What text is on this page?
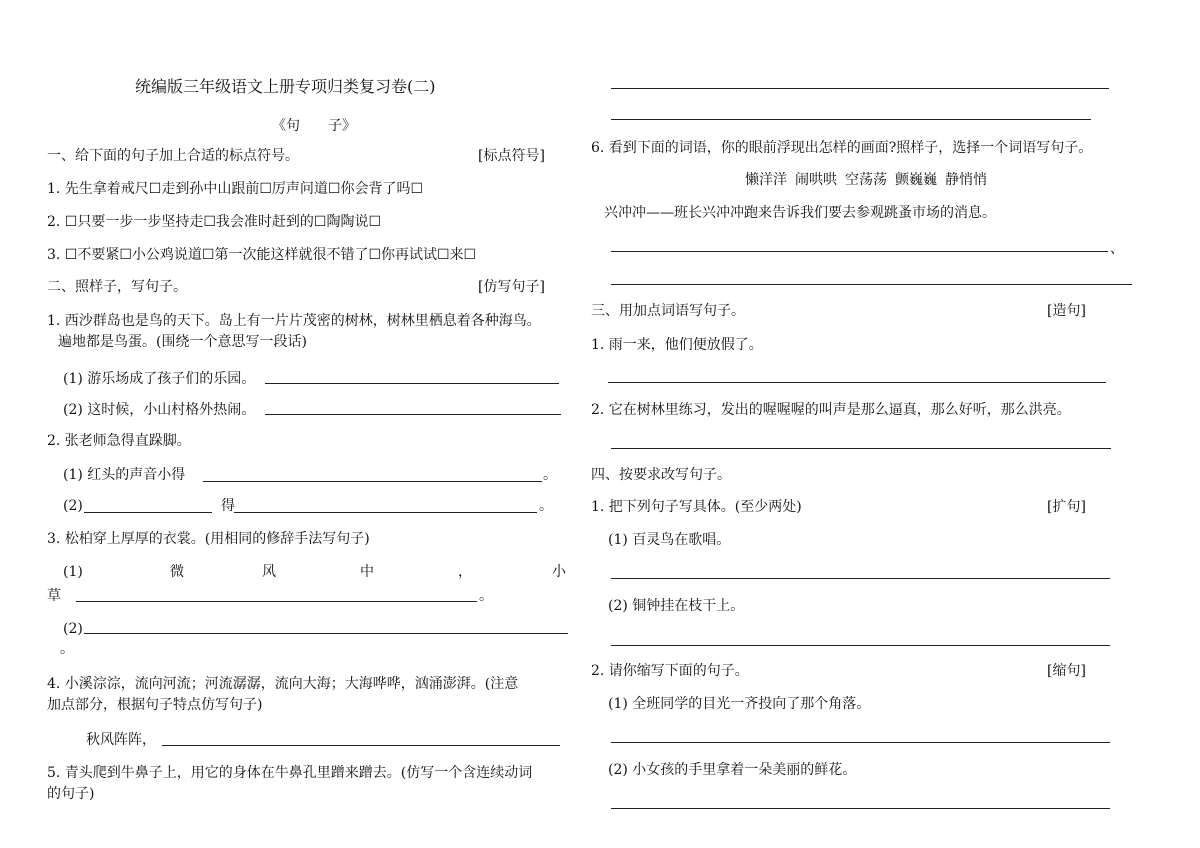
统编版三年级语文上册专项归类复习卷(二)
《句　　子》
一、给下面的句子加上合适的标点符号。	[标点符号]
1. 先生拿着戒尺☐走到孙中山跟前☐厉声问道☐你会背了吗☐
2. ☐只要一步一步坚持走☐我会准时赶到的☐陶陶说☐
3. ☐不要紧☐小公鸡说道☐第一次能这样就很不错了☐你再试试☐来☐
二、照样子，写句子。	[仿写句子]
1. 西沙群岛也是鸟的天下。岛上有一片片茂密的树林，树林里栖息着各种海鸟。
遍地都是鸟蛋。(围绕一个意思写一段话)
(1) 游乐场成了孩子们的乐园。
(2) 这时候，小山村格外热闹。
2. 张老师急得直跺脚。
(1) 红头的声音小得	。
(2)	得	。
3. 松柏穿上厚厚的衣裳。(用相同的修辞手法写句子)
(1)	微	风	中	，	小
草	。
(2)
。
4. 小溪淙淙，流向河流；河流潺潺，流向大海；大海哗哗，汹涌澎湃。(注意
加点部分，根据句子特点仿写句子)
秋风阵阵，
5. 青头爬到牛鼻子上，用它的身体在牛鼻孔里蹭来蹭去。(仿写一个含连续动词
的句子)
6. 看到下面的词语，你的眼前浮现出怎样的画面?照样子，选择一个词语写句子。
懒洋洋 闹哄哄 空荡荡 颤巍巍 静悄悄
兴冲冲——班长兴冲冲跑来告诉我们要去参观跳蚤市场的消息。
、
三、用加点词语写句子。	[造句]
1. 雨一来，他们便放假了。
2. 它在树林里练习，发出的喔喔喔的叫声是那么逼真，那么好听，那么洪亮。
四、按要求改写句子。
1. 把下列句子写具体。(至少两处)	[扩句]
(1) 百灵鸟在歌唱。
(2) 铜钟挂在枝干上。
2. 请你缩写下面的句子。	[缩句]
(1) 全班同学的目光一齐投向了那个角落。
(2) 小女孩的手里拿着一朵美丽的鲜花。
